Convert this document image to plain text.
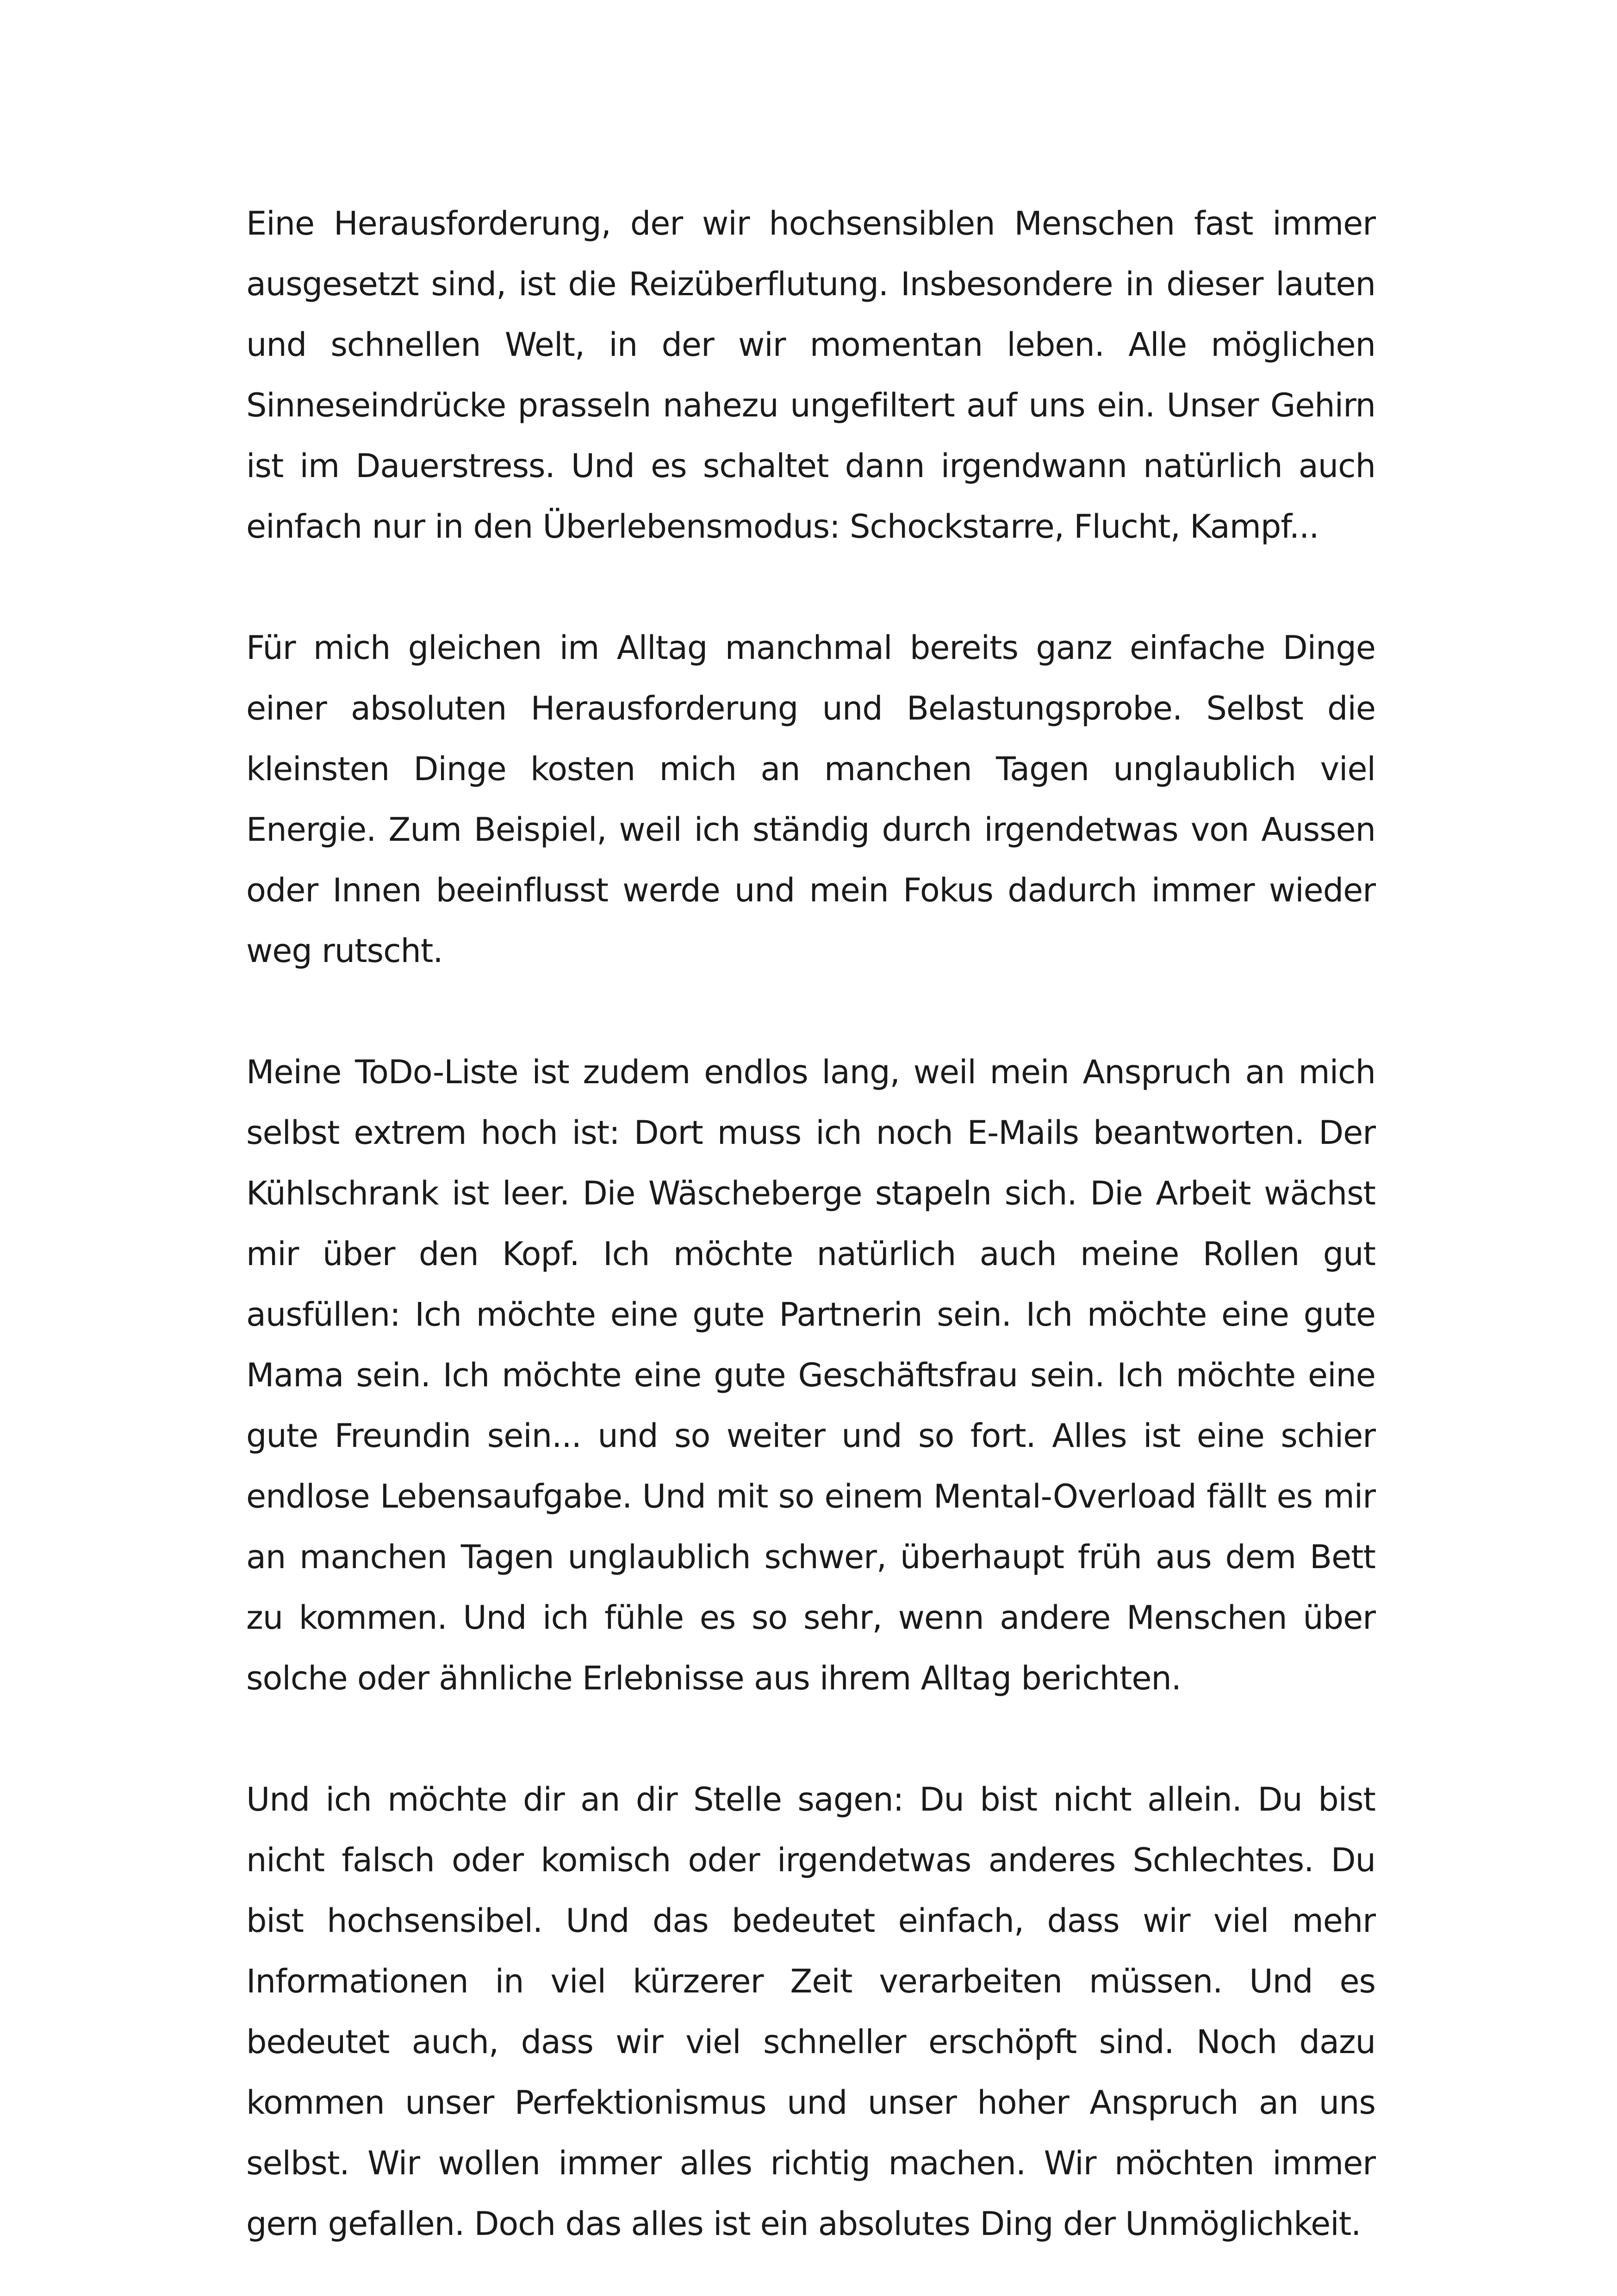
Eine Herausforderung, der wir hochsensiblen Menschen fast immer ausgesetzt sind, ist die Reizüberflutung. Insbesondere in dieser lauten und schnellen Welt, in der wir momentan leben. Alle möglichen Sinneseindrücke prasseln nahezu ungefiltert auf uns ein. Unser Gehirn ist im Dauerstress. Und es schaltet dann irgendwann natürlich auch einfach nur in den Überlebensmodus: Schockstarre, Flucht, Kampf...

Für mich gleichen im Alltag manchmal bereits ganz einfache Dinge einer absoluten Herausforderung und Belastungsprobe. Selbst die kleinsten Dinge kosten mich an manchen Tagen unglaublich viel Energie. Zum Beispiel, weil ich ständig durch irgendetwas von Aussen oder Innen beeinflusst werde und mein Fokus dadurch immer wieder weg rutscht.

Meine ToDo-Liste ist zudem endlos lang, weil mein Anspruch an mich selbst extrem hoch ist: Dort muss ich noch E-Mails beantworten. Der Kühlschrank ist leer. Die Wäscheberge stapeln sich. Die Arbeit wächst mir über den Kopf. Ich möchte natürlich auch meine Rollen gut ausfüllen: Ich möchte eine gute Partnerin sein. Ich möchte eine gute Mama sein. Ich möchte eine gute Geschäftsfrau sein. Ich möchte eine gute Freundin sein... und so weiter und so fort. Alles ist eine schier endlose Lebensaufgabe. Und mit so einem Mental-Overload fällt es mir an manchen Tagen unglaublich schwer, überhaupt früh aus dem Bett zu kommen. Und ich fühle es so sehr, wenn andere Menschen über solche oder ähnliche Erlebnisse aus ihrem Alltag berichten.

Und ich möchte dir an dir Stelle sagen: Du bist nicht allein. Du bist nicht falsch oder komisch oder irgendetwas anderes Schlechtes. Du bist hochsensibel. Und das bedeutet einfach, dass wir viel mehr Informationen in viel kürzerer Zeit verarbeiten müssen. Und es bedeutet auch, dass wir viel schneller erschöpft sind. Noch dazu kommen unser Perfektionismus und unser hoher Anspruch an uns selbst. Wir wollen immer alles richtig machen. Wir möchten immer gern gefallen. Doch das alles ist ein absolutes Ding der Unmöglichkeit.
